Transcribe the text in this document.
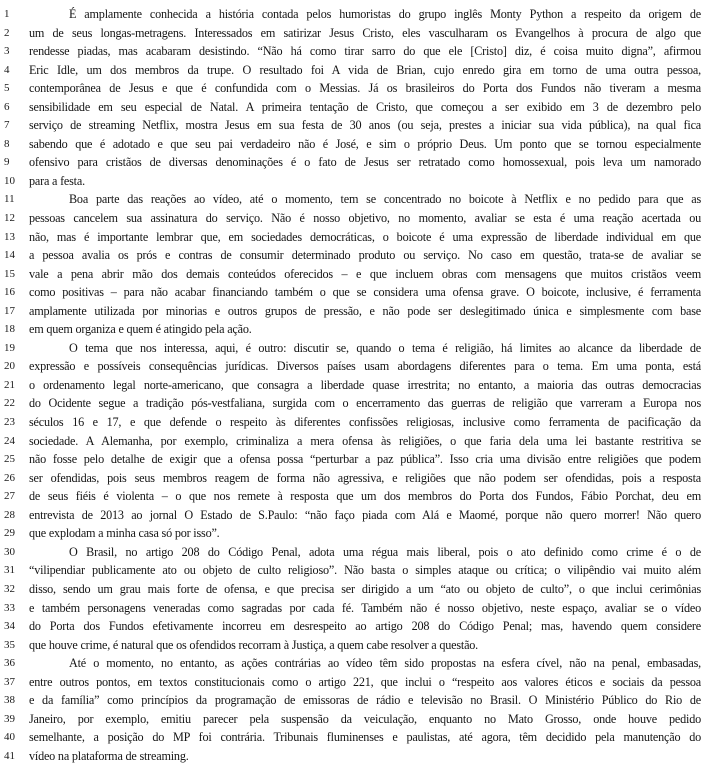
1	É amplamente conhecida a história contada pelos humoristas do grupo inglês Monty Python a respeito da origem de
2	um de seus longas-metragens. Interessados em satirizar Jesus Cristo, eles vasculharam os Evangelhos à procura de algo que
3	rendesse piadas, mas acabaram desistindo. “Não há como tirar sarro do que ele [Cristo] diz, é coisa muito digna”, afirmou
4	Eric Idle, um dos membros da trupe. O resultado foi A vida de Brian, cujo enredo gira em torno de uma outra pessoa,
5	contemporânea de Jesus e que é confundida com o Messias. Já os brasileiros do Porta dos Fundos não tiveram a mesma
6	sensibilidade em seu especial de Natal. A primeira tentação de Cristo, que começou a ser exibido em 3 de dezembro pelo
7	serviço de streaming Netflix, mostra Jesus em sua festa de 30 anos (ou seja, prestes a iniciar sua vida pública), na qual fica
8	sabendo que é adotado e que seu pai verdadeiro não é José, e sim o próprio Deus. Um ponto que se tornou especialmente
9	ofensivo para cristãos de diversas denominações é o fato de Jesus ser retratado como homossexual, pois leva um namorado
10	para a festa.
11	Boa parte das reações ao vídeo, até o momento, tem se concentrado no boicote à Netflix e no pedido para que as
12	pessoas cancelem sua assinatura do serviço. Não é nosso objetivo, no momento, avaliar se esta é uma reação acertada ou
13	não, mas é importante lembrar que, em sociedades democráticas, o boicote é uma expressão de liberdade individual em que
14	a pessoa avalia os prós e contras de consumir determinado produto ou serviço. No caso em questão, trata-se de avaliar se
15	vale a pena abrir mão dos demais conteúdos oferecidos – e que incluem obras com mensagens que muitos cristãos veem
16	como positivas – para não acabar financiando também o que se considera uma ofensa grave. O boicote, inclusive, é ferramenta
17	amplamente utilizada por minorias e outros grupos de pressão, e não pode ser deslegitimado única e simplesmente com base
18	em quem organiza e quem é atingido pela ação.
19	O tema que nos interessa, aqui, é outro: discutir se, quando o tema é religião, há limites ao alcance da liberdade de
20	expressão e possíveis consequências jurídicas. Diversos países usam abordagens diferentes para o tema. Em uma ponta, está
21	o ordenamento legal norte-americano, que consagra a liberdade quase irrestrita; no entanto, a maioria das outras democracias
22	do Ocidente segue a tradição pós-vestfaliana, surgida com o encerramento das guerras de religião que varreram a Europa nos
23	séculos 16 e 17, e que defende o respeito às diferentes confissões religiosas, inclusive como ferramenta de pacificação da
24	sociedade. A Alemanha, por exemplo, criminaliza a mera ofensa às religiões, o que faria dela uma lei bastante restritiva se
25	não fosse pelo detalhe de exigir que a ofensa possa “perturbar a paz pública”. Isso cria uma divisão entre religiões que podem
26	ser ofendidas, pois seus membros reagem de forma não agressiva, e religiões que não podem ser ofendidas, pois a resposta
27	de seus fiéis é violenta – o que nos remete à resposta que um dos membros do Porta dos Fundos, Fábio Porchat, deu em
28	entrevista de 2013 ao jornal O Estado de S.Paulo: “não faço piada com Alá e Maomé, porque não quero morrer! Não quero
29	que explodam a minha casa só por isso”.
30	O Brasil, no artigo 208 do Código Penal, adota uma régua mais liberal, pois o ato definido como crime é o de
31	“vilipendiar publicamente ato ou objeto de culto religioso”. Não basta o simples ataque ou crítica; o vilipêndio vai muito além
32	disso, sendo um grau mais forte de ofensa, e que precisa ser dirigido a um “ato ou objeto de culto”, o que inclui cerimônias
33	e também personagens veneradas como sagradas por cada fé. Também não é nosso objetivo, neste espaço, avaliar se o vídeo
34	do Porta dos Fundos efetivamente incorreu em desrespeito ao artigo 208 do Código Penal; mas, havendo quem considere
35	que houve crime, é natural que os ofendidos recorram à Justiça, a quem cabe resolver a questão.
36	Até o momento, no entanto, as ações contrárias ao vídeo têm sido propostas na esfera cível, não na penal, embasadas,
37	entre outros pontos, em textos constitucionais como o artigo 221, que inclui o “respeito aos valores éticos e sociais da pessoa
38	e da família” como princípios da programação de emissoras de rádio e televisão no Brasil. O Ministério Público do Rio de
39	Janeiro, por exemplo, emitiu parecer pela suspensão da veiculação, enquanto no Mato Grosso, onde houve pedido
40	semelhante, a posição do MP foi contrária. Tribunais fluminenses e paulistas, até agora, têm decidido pela manutenção do
41	vídeo na plataforma de streaming.
